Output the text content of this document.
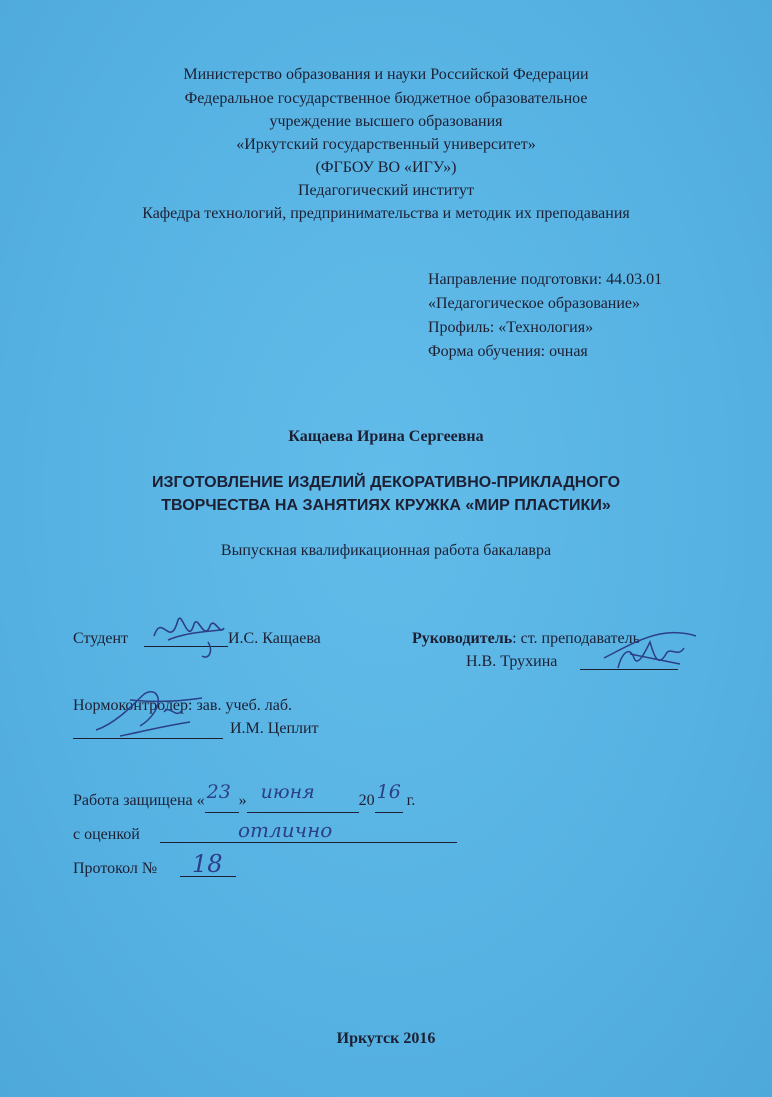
Министерство образования и науки Российской Федерации
Федеральное государственное бюджетное образовательное
учреждение высшего образования
«Иркутский государственный университет»
(ФГБОУ ВО «ИГУ»)
Педагогический институт
Кафедра технологий, предпринимательства и методик их преподавания
Направление подготовки: 44.03.01
«Педагогическое образование»
Профиль: «Технология»
Форма обучения: очная
Кащаева Ирина Сергеевна
ИЗГОТОВЛЕНИЕ ИЗДЕЛИЙ ДЕКОРАТИВНО-ПРИКЛАДНОГО
ТВОРЧЕСТВА НА ЗАНЯТИЯХ КРУЖКА «МИР ПЛАСТИКИ»
Выпускная квалификационная работа бакалавра
Студент	И.С. Кащаева	Руководитель: ст. преподаватель
Н.В. Трухина
Нормоконтролёр: зав. учеб. лаб.
И.М. Цеплит
Работа защищена « 23 » июня	20 16 г.
с оценкой	отлично
Протокол № 18
Иркутск 2016
